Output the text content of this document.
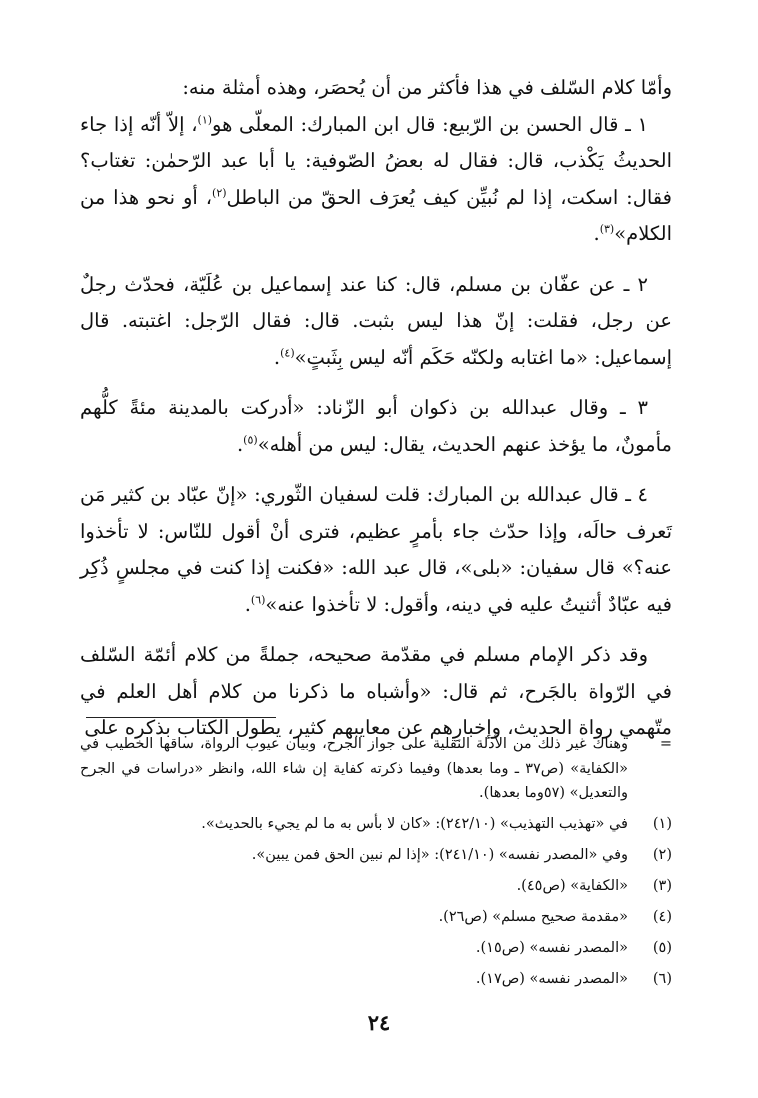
وأمّا كلام السّلف في هذا فأكثر من أن يُحصَر، وهذه أمثلة منه:

١ ـ قال الحسن بن الرّبيع: قال ابن المبارك: المعلّى هو$^{(١)}$، إلاّ أنّه إذا جاء الحديثُ يَكْذب، قال: فقال له بعضُ الصّوفية: يا أبا عبد الرّحمٰن: تغتاب؟ فقال: اسكت، إذا لم نُبيِّن كيف يُعرَف الحقّ من الباطل$^{(٢)}$، أو نحو هذا من الكلام»$^{(٣)}$.

٢ ـ عن عفّان بن مسلم، قال: كنا عند إسماعيل بن عُلَيّة، فحدّث رجلٌ عن رجل، فقلت: إنّ هذا ليس بثبت. قال: فقال الرّجل: اغتبته. قال إسماعيل: «ما اغتابه ولكنّه حَكَم أنّه ليس بِثَبتٍ»$^{(٤)}$.

٣ ـ وقال عبدالله بن ذكوان أبو الزّناد: «أدركت بالمدينة مئةً كلُّهم مأمونٌ، ما يؤخذ عنهم الحديث، يقال: ليس من أهله»$^{(٥)}$.

٤ ـ قال عبدالله بن المبارك: قلت لسفيان الثّوري: «إنّ عبّاد بن كثير مَن تَعرف حالَه، وإذا حدّث جاء بأمرٍ عظيم، فترى أنْ أقول للنّاس: لا تأخذوا عنه؟» قال سفيان: «بلى»، قال عبد الله: «فكنت إذا كنت في مجلسٍ ذُكِر فيه عبّادٌ أثنيتُ عليه في دينه، وأقول: لا تأخذوا عنه»$^{(٦)}$.

وقد ذكر الإمام مسلم في مقدّمة صحيحه، جملةً من كلام أئمّة السّلف في الرّواة بالجَرح، ثم قال: «وأشباه ما ذكرنا من كلام أهل العلم في متّهمي رواة الحديث، وإخبارِهم عن معايبهم كثير، يطول الكتاب بذكره على

=
وهناك غير ذلك من الأدلة النقلية على جواز الجرح، وبيان عيوب الرواة، ساقها الخطيب في «الكفاية» (ص٣٧ ـ وما بعدها) وفيما ذكرته كفاية إن شاء الله، وانظر «دراسات في الجرح والتعديل» (٥٧وما بعدها).
(١)
في «تهذيب التهذيب» (٢٤٢/١٠): «كان لا بأس به ما لم يجيء بالحديث».
(٢)
وفي «المصدر نفسه» (٢٤١/١٠): «إذا لم نبين الحق فمن يبين».
(٣)
«الكفاية» (ص٤٥).
(٤)
«مقدمة صحيح مسلم» (ص٢٦).
(٥)
«المصدر نفسه» (ص١٥).
(٦)
«المصدر نفسه» (ص١٧).
٢٤
